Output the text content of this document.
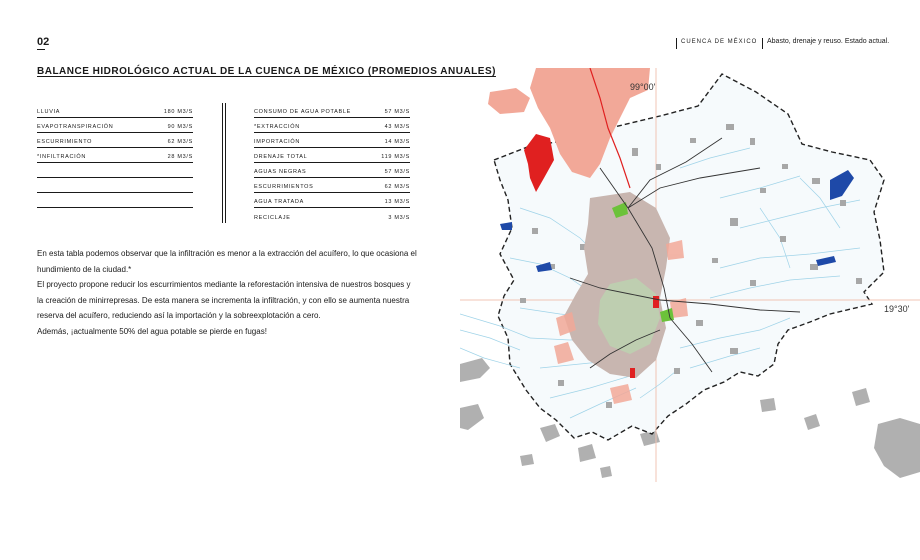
02	CUENCA DE MÉXICO Abasto, drenaje y reuso. Estado actual.
BALANCE HIDROLÓGICO ACTUAL DE LA CUENCA DE MÉXICO (PROMEDIOS ANUALES)
LLUVIA	180 M3/S
EVAPOTRANSPIRACIÓN	90 M3/S
ESCURRIMIENTO	62 M3/S
*INFILTRACIÓN	28 M3/S
CONSUMO DE AGUA POTABLE	57 M3/S
*EXTRACCIÓN	43 M3/S
IMPORTACIÓN	14 M3/S
DRENAJE TOTAL	119 M3/S
AGUAS NEGRAS	57 M3/S
ESCURRIMIENTOS	62 M3/S
AGUA TRATADA	13 M3/S
RECICLAJE	3 M3/S

En esta tabla podemos observar que la infiltración es menor a la extracción del acuífero, lo que ocasiona el hundimiento de la ciudad.*

El proyecto propone reducir los escurrimientos mediante la reforestación intensiva de nuestros bosques y la creación de minirrepresas. De esta manera se incrementa la infiltración, y con ello se aumenta nuestra reserva del acuífero, reduciendo así la importación y la sobreexplotación a cero.

Además, ¡actualmente 50% del agua potable se pierde en fugas!

99°00'
19°30'
